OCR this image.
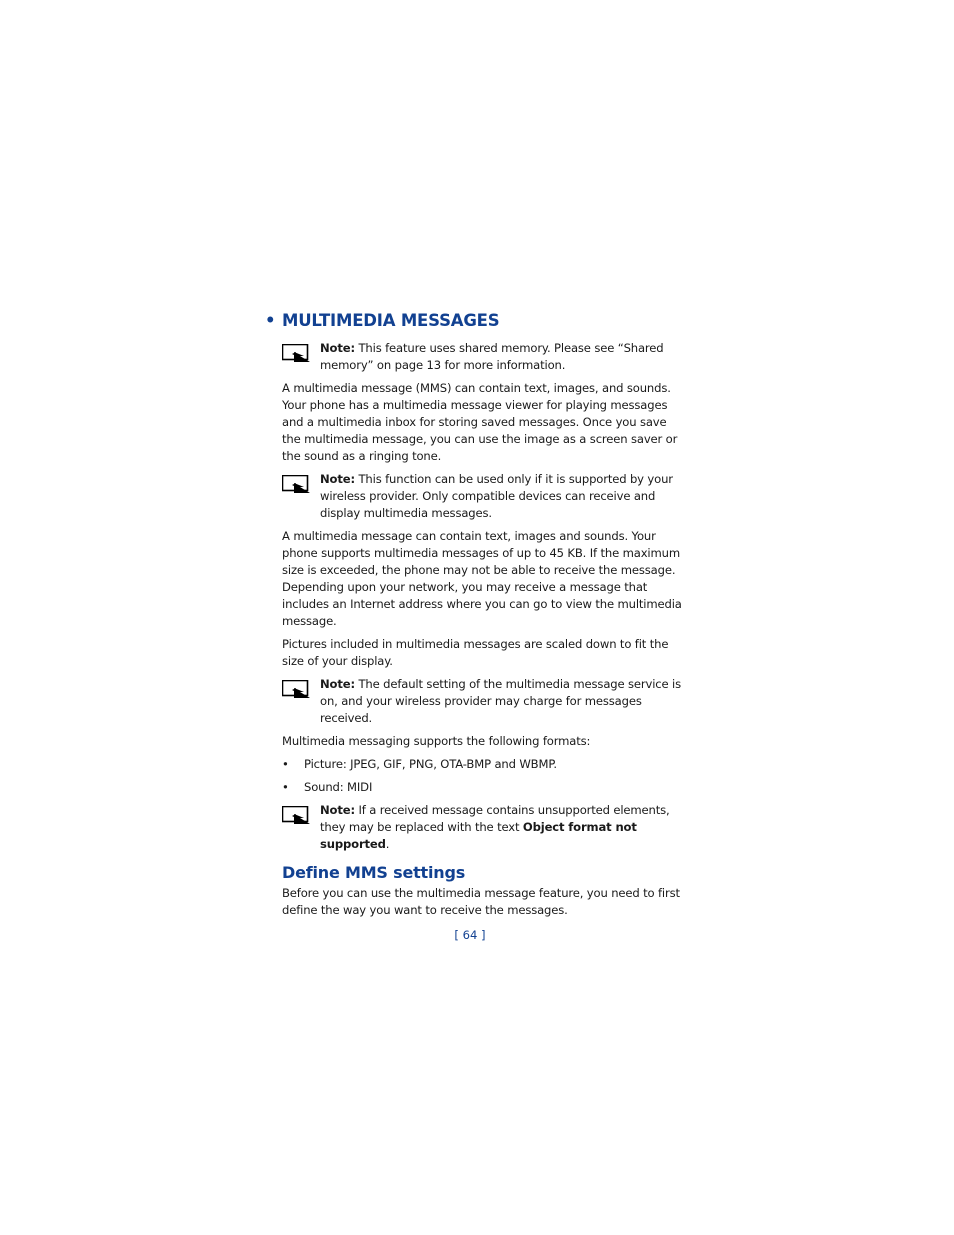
• MULTIMEDIA MESSAGES
Note: This feature uses shared memory. Please see “Shared memory” on page 13 for more information.

A multimedia message (MMS) can contain text, images, and sounds. Your phone has a multimedia message viewer for playing messages and a multimedia inbox for storing saved messages. Once you save the multimedia message, you can use the image as a screen saver or the sound as a ringing tone.

Note: This function can be used only if it is supported by your wireless provider. Only compatible devices can receive and display multimedia messages.

A multimedia message can contain text, images and sounds. Your phone supports multimedia messages of up to 45 KB. If the maximum size is exceeded, the phone may not be able to receive the message. Depending upon your network, you may receive a message that includes an Internet address where you can go to view the multimedia message.

Pictures included in multimedia messages are scaled down to fit the size of your display.

Note: The default setting of the multimedia message service is on, and your wireless provider may charge for messages received.

Multimedia messaging supports the following formats:

• Picture: JPEG, GIF, PNG, OTA-BMP and WBMP.
• Sound: MIDI
Note: If a received message contains unsupported elements, they may be replaced with the text Object format not supported.
Define MMS settings

Before you can use the multimedia message feature, you need to first define the way you want to receive the messages.

[ 64 ]
